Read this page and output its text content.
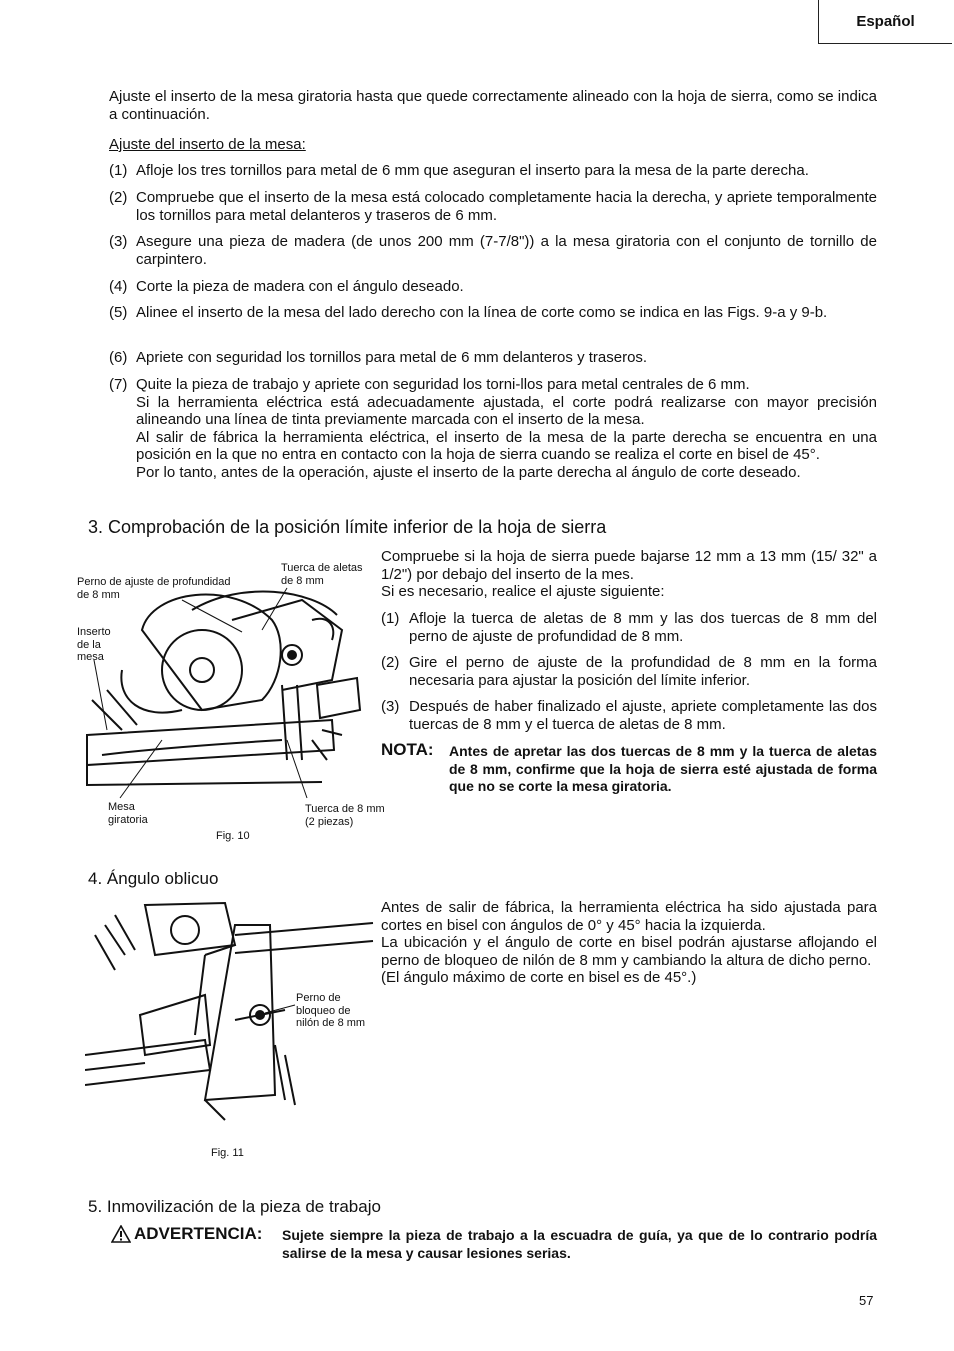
Español
Ajuste el inserto de la mesa giratoria hasta que quede correctamente alineado con la hoja de sierra, como se indica a continuación.
Ajuste del inserto de la mesa:
(1) Afloje los tres tornillos para metal de 6 mm que aseguran el inserto para la mesa de la parte derecha.
(2) Compruebe que el inserto de la mesa está colocado completamente hacia la derecha, y apriete temporalmente los tornillos para metal delanteros y traseros de 6 mm.
(3) Asegure una pieza de madera (de unos 200 mm (7-7/8")) a la mesa giratoria con el conjunto de tornillo de carpintero.
(4) Corte la pieza de madera con el ángulo deseado.
(5) Alinee el inserto de la mesa del lado derecho con la línea de corte como se indica en las Figs. 9-a y 9-b.
(6) Apriete con seguridad los tornillos para metal de 6 mm delanteros y traseros.
(7) Quite la pieza de trabajo y apriete con seguridad los torni-llos para metal centrales de 6 mm.
Si la herramienta eléctrica está adecuadamente ajustada, el corte podrá realizarse con mayor precisión alineando una línea de tinta previamente marcada con el inserto de la mesa.
Al salir de fábrica la herramienta eléctrica, el inserto de la mesa de la parte derecha se encuentra en una posición en la que no entra en contacto con la hoja de sierra cuando se realiza el corte en bisel de 45°.
Por lo tanto, antes de la operación, ajuste el inserto de la parte derecha al ángulo de corte deseado.
3. Comprobación de la posición límite inferior de la hoja de sierra
Compruebe si la hoja de sierra puede bajarse 12 mm a 13 mm (15/ 32" a 1/2") por debajo del inserto de la mes.
Si es necesario, realice el ajuste siguiente:
(1) Afloje la tuerca de aletas de 8 mm y las dos tuercas de 8 mm del perno de ajuste de profundidad de 8 mm.
(2) Gire el perno de ajuste de la profundidad de 8 mm en la forma necesaria para ajustar la posición del límite inferior.
(3) Después de haber finalizado el ajuste, apriete completamente las dos tuercas de 8 mm y el tuerca de aletas de 8 mm.
NOTA: Antes de apretar las dos tuercas de 8 mm y la tuerca de aletas de 8 mm, confirme que la hoja de sierra esté ajustada de forma que no se corte la mesa giratoria.
Perno de ajuste de profundidad
de 8 mm
Tuerca de aletas
de 8 mm
Inserto
de la
mesa
Mesa
giratoria
Tuerca de 8 mm
(2 piezas)
Fig. 10
4. Ángulo oblicuo
Antes de salir de fábrica, la herramienta eléctrica ha sido ajustada para cortes en bisel con ángulos de 0° y 45° hacia la izquierda.
La ubicación y el ángulo de corte en bisel podrán ajustarse aflojando el perno de bloqueo de nilón de 8 mm y cambiando la altura de dicho perno.
(El ángulo máximo de corte en bisel es de 45°.)
Perno de
bloqueo de
nilón de 8 mm
Fig. 11
5. Inmovilización de la pieza de trabajo
ADVERTENCIA: Sujete siempre la pieza de trabajo a la escuadra de guía, ya que de lo contrario podría salirse de la mesa y causar lesiones serias.
57
